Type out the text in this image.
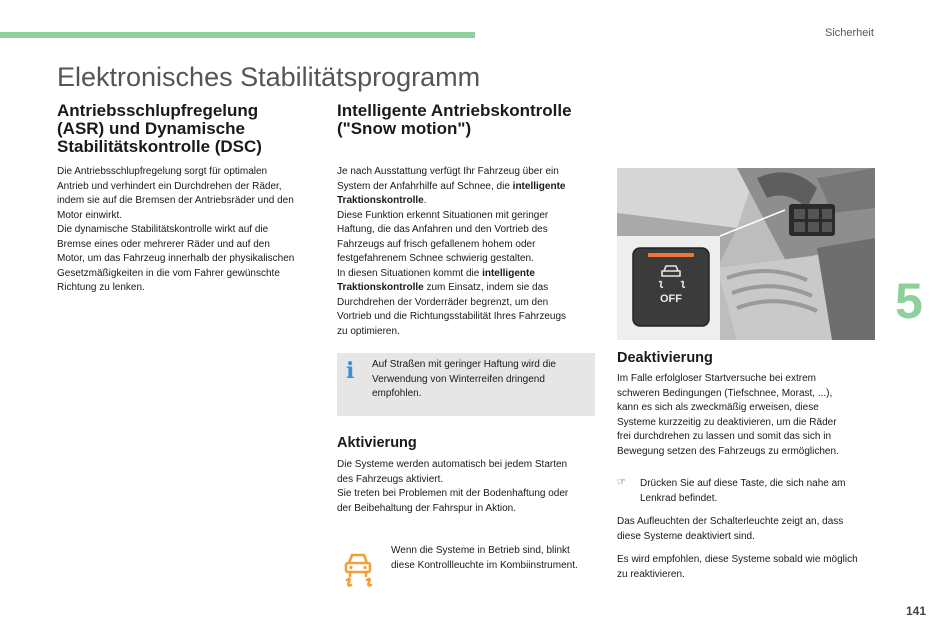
Sicherheit
Elektronisches Stabilitätsprogramm
Antriebsschlupfregelung
(ASR) und Dynamische
Stabilitätskontrolle (DSC)

Die Antriebsschlupfregelung sorgt für optimalen

Antrieb und verhindert ein Durchdrehen der Räder,

indem sie auf die Bremsen der Antriebsräder und den

Motor einwirkt.

Die dynamische Stabilitätskontrolle wirkt auf die

Bremse eines oder mehrerer Räder und auf den

Motor, um das Fahrzeug innerhalb der physikalischen

Gesetzmäßigkeiten in die vom Fahrer gewünschte

Richtung zu lenken.

Intelligente Antriebskontrolle
("Snow motion")

Je nach Ausstattung verfügt Ihr Fahrzeug über ein

System der Anfahrhilfe auf Schnee, die intelligente

Traktionskontrolle.

Diese Funktion erkennt Situationen mit geringer

Haftung, die das Anfahren und den Vortrieb des

Fahrzeugs auf frisch gefallenem hohem oder

festgefahrenem Schnee schwierig gestalten.

In diesen Situationen kommt die intelligente

Traktionskontrolle zum Einsatz, indem sie das

Durchdrehen der Vorderräder begrenzt, um den

Vortrieb und die Richtungsstabilität Ihres Fahrzeugs

zu optimieren.

i	Auf Straßen mit geringer Haftung wird die

Verwendung von Winterreifen dringend

empfohlen.

Aktivierung

Die Systeme werden automatisch bei jedem Starten

des Fahrzeugs aktiviert.

Sie treten bei Problemen mit der Bodenhaftung oder

der Beibehaltung der Fahrspur in Aktion.

Wenn die Systeme in Betrieb sind, blinkt

diese Kontrollleuchte im Kombiinstrument.

OFF	5
Deaktivierung

Im Falle erfolgloser Startversuche bei extrem

schweren Bedingungen (Tiefschnee, Morast, ...),

kann es sich als zweckmäßig erweisen, diese

Systeme kurzzeitig zu deaktivieren, um die Räder

frei durchdrehen zu lassen und somit das sich in

Bewegung setzen des Fahrzeugs zu ermöglichen.

☞ Drücken Sie auf diese Taste, die sich nahe am

Lenkrad befindet.

Das Aufleuchten der Schalterleuchte zeigt an, dass

diese Systeme deaktiviert sind.

Es wird empfohlen, diese Systeme sobald wie möglich

zu reaktivieren.

141
